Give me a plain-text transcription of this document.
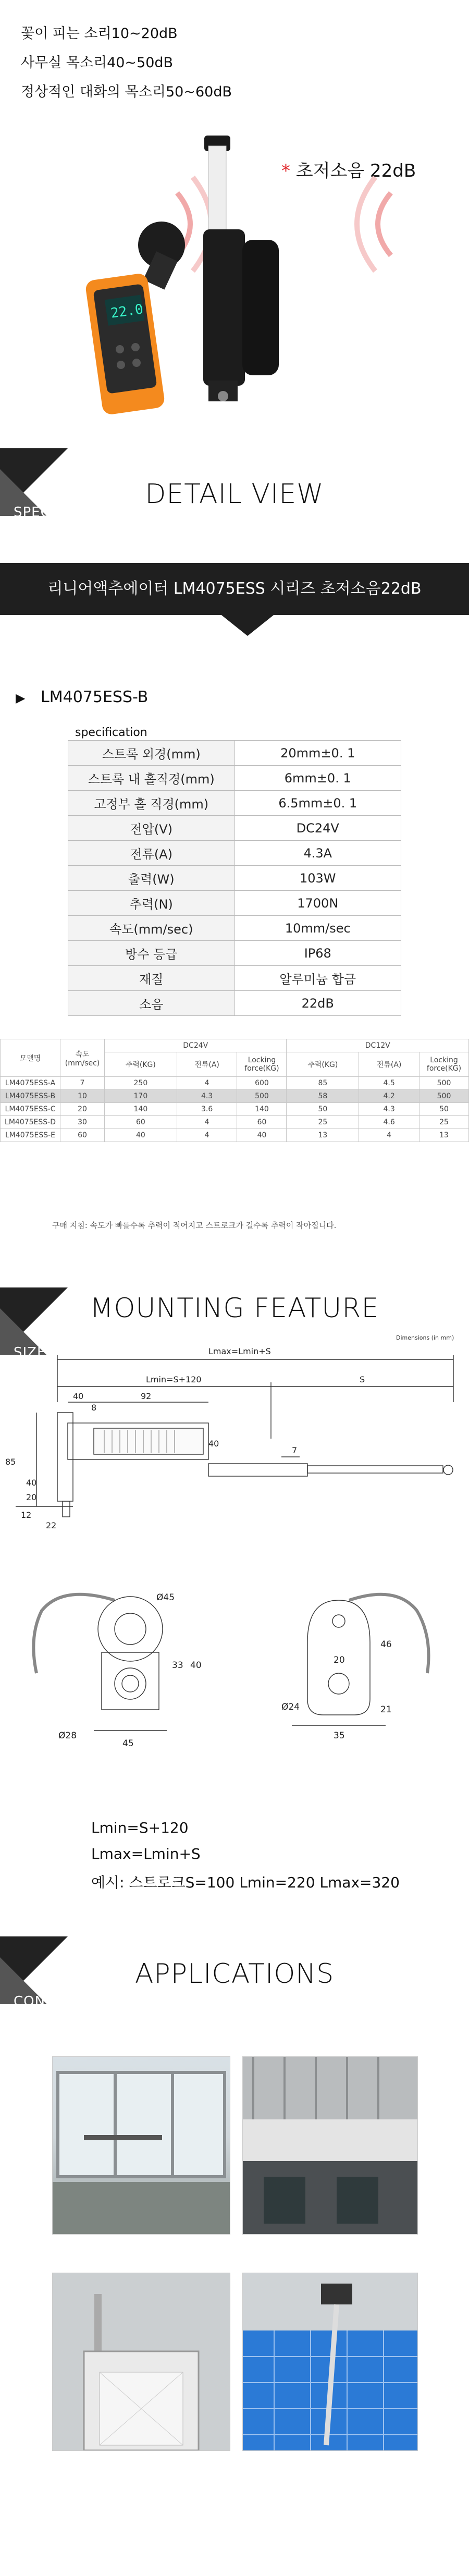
꽃이 피는 소리10~20dB
사무실 목소리40~50dB
정상적인 대화의 목소리50~60dB
* 초저소음 22dB
22.0
SPEC
DETAIL VIEW
리니어액추에이터 LM4075ESS 시리즈 초저소음22dB
▶ LM4075ESS-B
specification
스트록 외경(mm)	20mm±0. 1
스트록 내 홀직경(mm)	6mm±0. 1
고정부 홀 직경(mm)	6.5mm±0. 1
전압(V)	DC24V
전류(A)	4.3A
출력(W)	103W
추력(N)	1700N
속도(mm/sec)	10mm/sec
방수 등급	IP68
재질	알루미늄 합금
소음	22dB
모델명	속도 (mm/sec)	DC24V			DC12V		
		추력(KG)	전류(A)	Locking force(KG)	추력(KG)	전류(A)	Locking force(KG)
LM4075ESS-A	7	250	4	600	85	4.5	500
LM4075ESS-B	10	170	4.3	500	58	4.2	500
LM4075ESS-C	20	140	3.6	140	50	4.3	50
LM4075ESS-D	30	60	4	60	25	4.6	25
LM4075ESS-E	60	40	4	40	13	4	13
구매 지침: 속도가 빠를수록 추력이 적어지고 스트로크가 길수록 추력이 작아집니다.
SIZE
MOUNTING FEATURE
Dimensions (in mm)
Lmax=Lmin+S
Lmin=S+120	S
40
8
92
40
7
85
40
20
12
22
Ø45
33 40
Ø28
45
20
46
Ø24	21
35
Lmin=S+120
Lmax=Lmin+S
예시: 스트로크S=100 Lmin=220 Lmax=320
CONT'
APPLICATIONS
